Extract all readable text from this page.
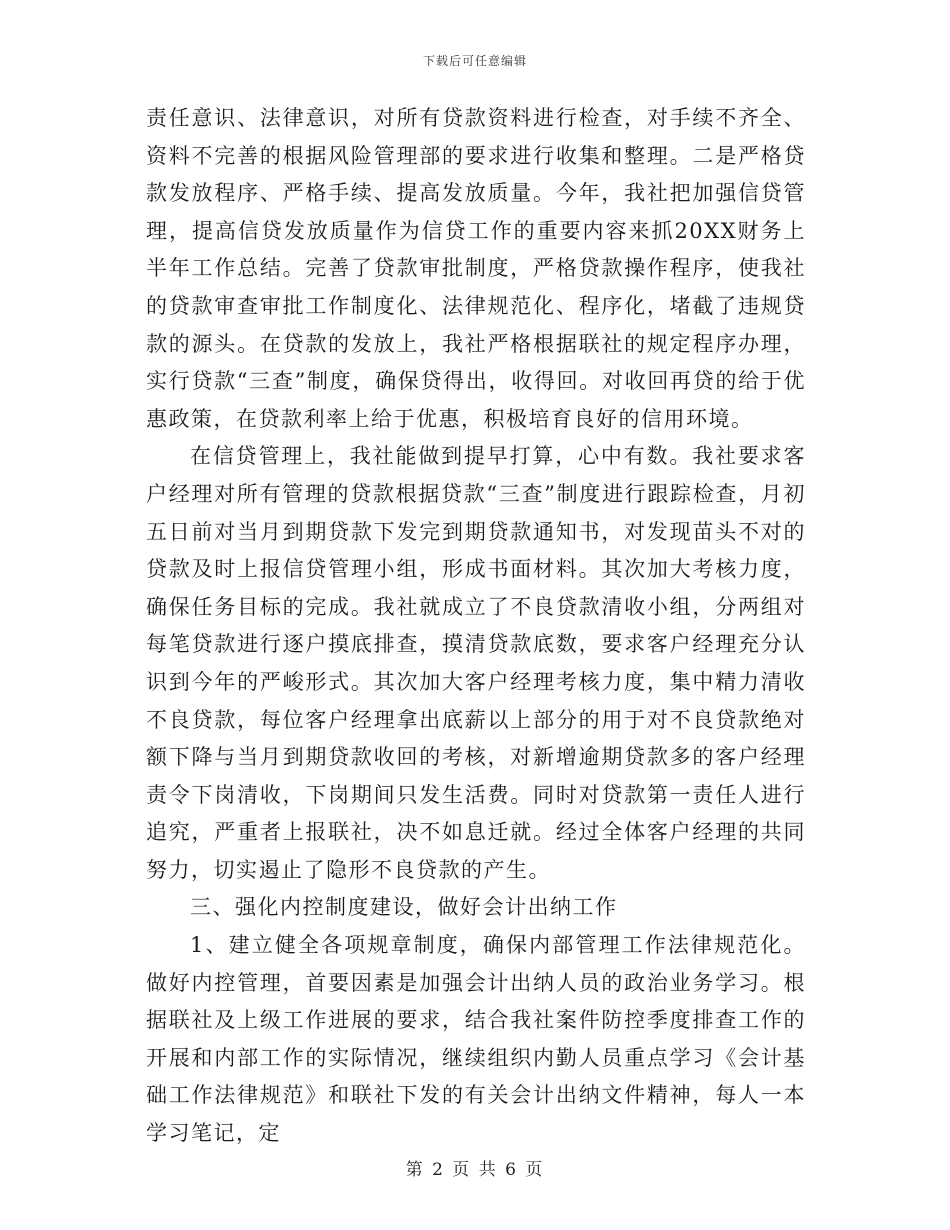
下载后可任意编辑

责任意识、法律意识，对所有贷款资料进行检查，对手续不齐全、资料不完善的根据风险管理部的要求进行收集和整理。二是严格贷款发放程序、严格手续、提高发放质量。今年，我社把加强信贷管理，提高信贷发放质量作为信贷工作的重要内容来抓20XX财务上半年工作总结。完善了贷款审批制度，严格贷款操作程序，使我社的贷款审查审批工作制度化、法律规范化、程序化，堵截了违规贷款的源头。在贷款的发放上，我社严格根据联社的规定程序办理，实行贷款“三查”制度，确保贷得出，收得回。对收回再贷的给于优惠政策，在贷款利率上给于优惠，积极培育良好的信用环境。

在信贷管理上，我社能做到提早打算，心中有数。我社要求客户经理对所有管理的贷款根据贷款“三查”制度进行跟踪检查，月初五日前对当月到期贷款下发完到期贷款通知书，对发现苗头不对的贷款及时上报信贷管理小组，形成书面材料。其次加大考核力度，确保任务目标的完成。我社就成立了不良贷款清收小组，分两组对每笔贷款进行逐户摸底排查，摸清贷款底数，要求客户经理充分认识到今年的严峻形式。其次加大客户经理考核力度，集中精力清收不良贷款，每位客户经理拿出底薪以上部分的用于对不良贷款绝对额下降与当月到期贷款收回的考核，对新增逾期贷款多的客户经理责令下岗清收，下岗期间只发生活费。同时对贷款第一责任人进行追究，严重者上报联社，决不如息迁就。经过全体客户经理的共同努力，切实遏止了隐形不良贷款的产生。

三、强化内控制度建设，做好会计出纳工作

1、建立健全各项规章制度，确保内部管理工作法律规范化。做好内控管理，首要因素是加强会计出纳人员的政治业务学习。根据联社及上级工作进展的要求，结合我社案件防控季度排查工作的开展和内部工作的实际情况，继续组织内勤人员重点学习《会计基础工作法律规范》和联社下发的有关会计出纳文件精神，每人一本学习笔记，定

第 2 页 共 6 页
